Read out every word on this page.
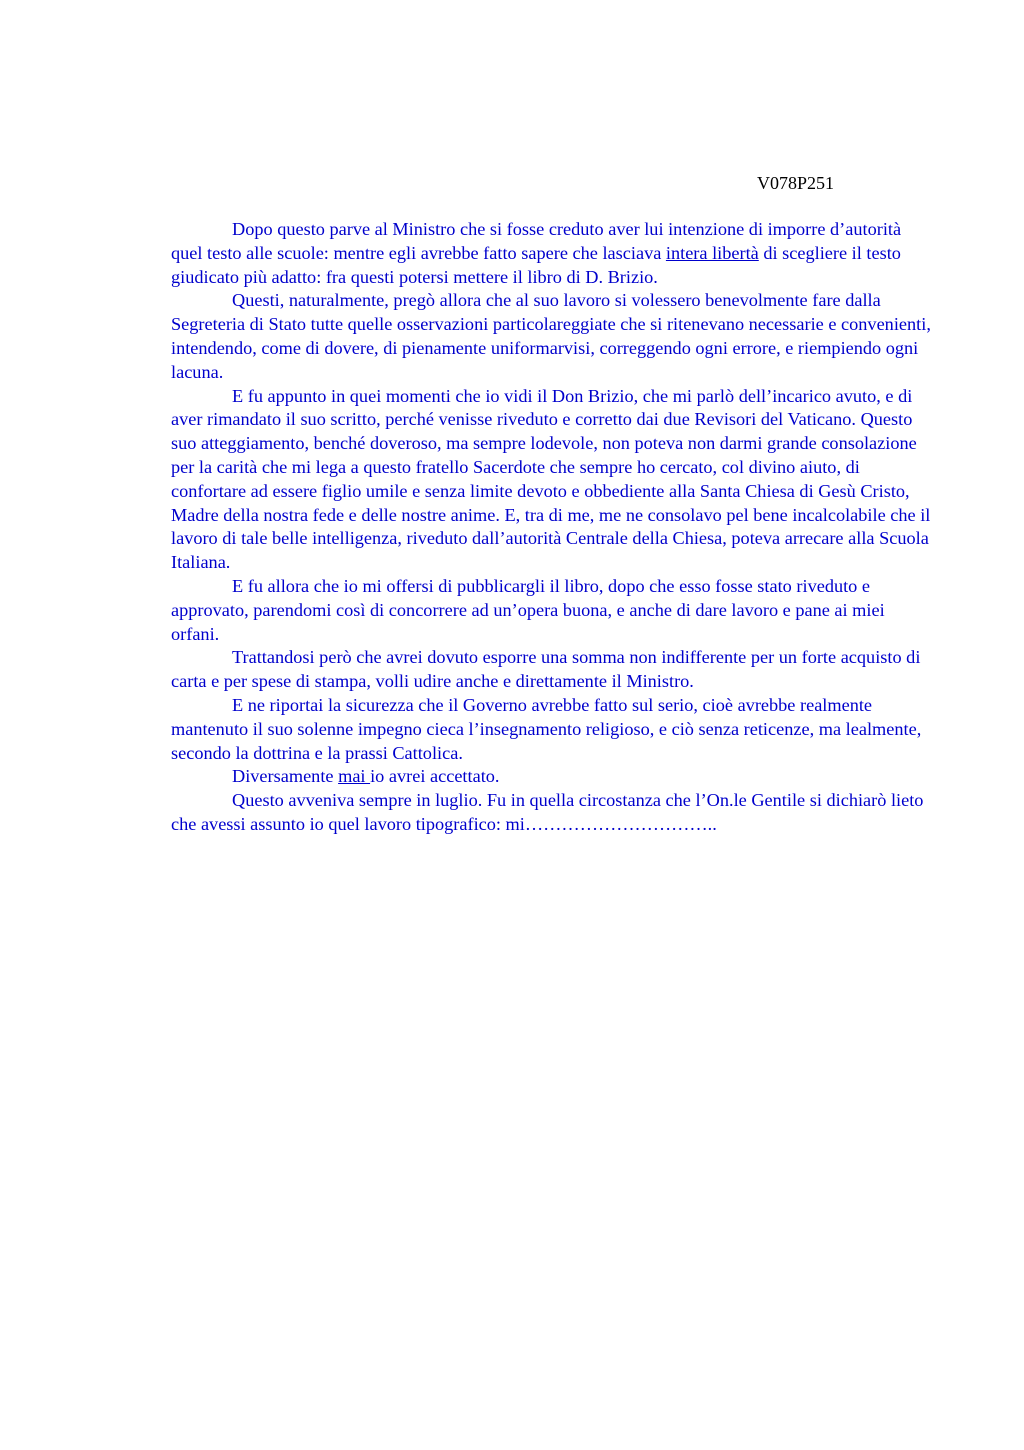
V078P251

Dopo questo parve al Ministro che si fosse creduto aver lui intenzione di imporre d’autorità quel testo alle scuole: mentre egli avrebbe fatto sapere che lasciava intera libertà di scegliere il testo giudicato più adatto: fra questi potersi mettere il libro di D. Brizio.

Questi, naturalmente, pregò allora che al suo lavoro si volessero benevolmente fare dalla Segreteria di Stato tutte quelle osservazioni particolareggiate che si ritenevano necessarie e convenienti, intendendo, come di dovere, di pienamente uniformarvisi, correggendo ogni errore, e riempiendo ogni lacuna.

E fu appunto in quei momenti che io vidi il Don Brizio, che mi parlò dell’incarico avuto, e di aver rimandato il suo scritto, perché venisse riveduto e corretto dai due Revisori del Vaticano. Questo suo atteggiamento, benché doveroso, ma sempre lodevole, non poteva non darmi grande consolazione per la carità che mi lega a questo fratello Sacerdote che sempre ho cercato, col divino aiuto, di confortare ad essere figlio umile e senza limite devoto e obbediente alla Santa Chiesa di Gesù Cristo, Madre della nostra fede e delle nostre anime. E, tra di me, me ne consolavo pel bene incalcolabile che il lavoro di tale belle intelligenza, riveduto dall’autorità Centrale della Chiesa, poteva arrecare alla Scuola Italiana.

E fu allora che io mi offersi di pubblicargli il libro, dopo che esso fosse stato riveduto e approvato, parendomi così di concorrere ad un’opera buona, e anche di dare lavoro e pane ai miei orfani.

Trattandosi però che avrei dovuto esporre una somma non indifferente per un forte acquisto di carta e per spese di stampa, volli udire anche e direttamente il Ministro.

E ne riportai la sicurezza che il Governo avrebbe fatto sul serio, cioè avrebbe realmente mantenuto il suo solenne impegno cieca l’insegnamento religioso, e ciò senza reticenze, ma lealmente, secondo la dottrina e la prassi Cattolica.

Diversamente mai io avrei accettato.

Questo avveniva sempre in luglio. Fu in quella circostanza che l’On.le Gentile si dichiarò lieto che avessi assunto io quel lavoro tipografico: mi…………………………..
